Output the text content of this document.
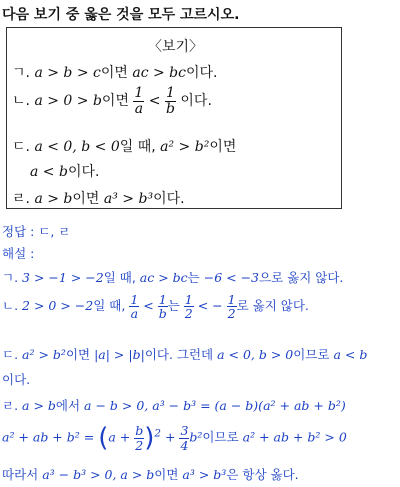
다음 보기 중 옳은 것을 모두 고르시오.
〈보기〉
ㄱ. a > b > c이면 ac > bc이다.
ㄴ. a > 0 > b이면 $\frac{1}{a} < \frac{1}{b}$ 이다.
ㄷ. a < 0, b < 0일 때, a² > b²이면
a < b이다.
ㄹ. a > b이면 a³ > b³이다.
정답 : ㄷ, ㄹ
해설 :
ㄱ. 3 > −1 > −2일 때, ac > bc는 −6 < −3으로 옳지 않다.
ㄴ. 2 > 0 > −2일 때, $\frac{1}{a} < \frac{1}{b}$ 는 $\frac{1}{2}$ < − $\frac{1}{2}$ 로 옳지 않다.
ㄷ. a² > b²이면 |a| > |b|이다. 그런데 a < 0, b > 0이므로 a < b
이다.
ㄹ. a > b에서 a − b > 0, a³ − b³ = (a − b)(a² + ab + b²)
a² + ab + $b^2 = (a + \frac{b}{2} )^2 + \frac{3}{4} b^2$이므로 a² + ab + b² > 0
따라서 a³ − b³ > 0, a > b이면 a³ > b³은 항상 옳다.
